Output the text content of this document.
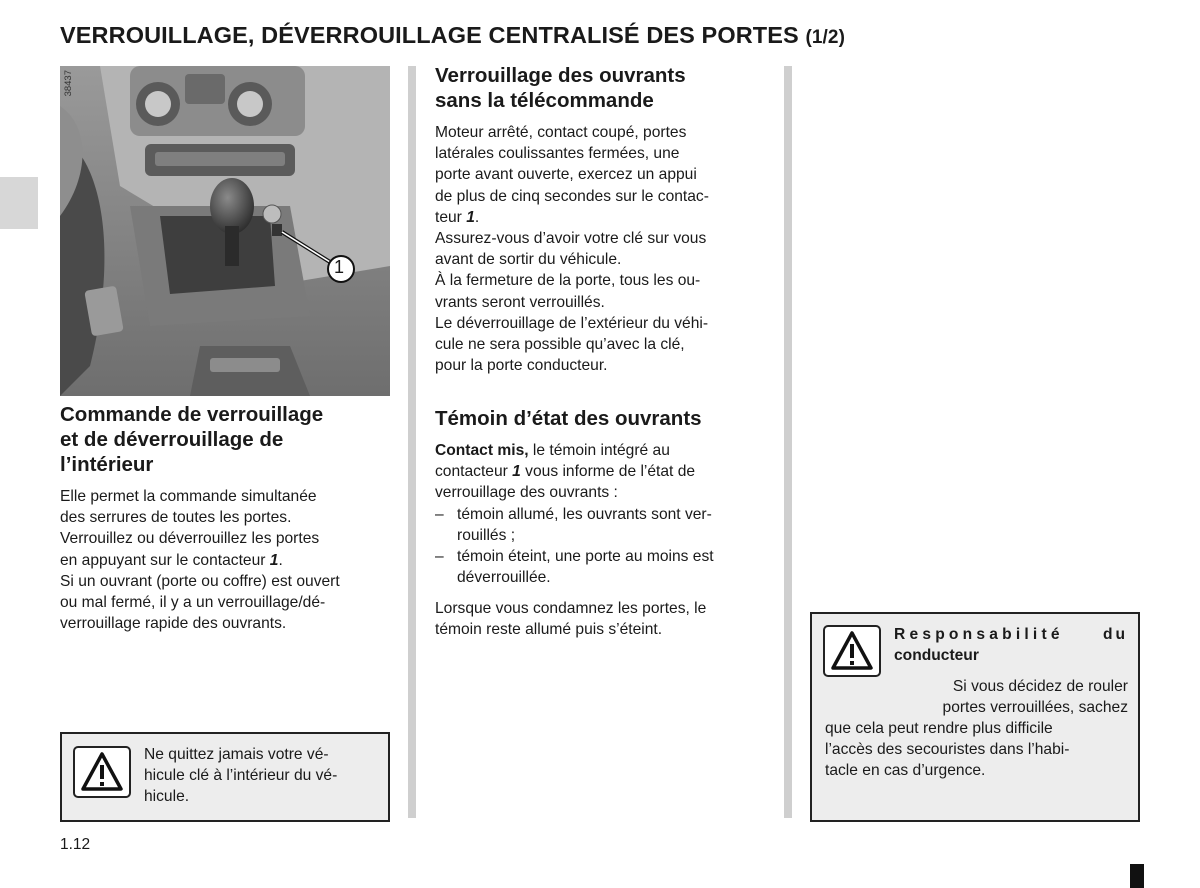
VERROUILLAGE, DÉVERROUILLAGE CENTRALISÉ DES PORTES (1/2)
1
38437
Commande de verrouillage
et de déverrouillage de
l’intérieur

Elle permet la commande simultanée

des serrures de toutes les portes.

Verrouillez ou déverrouillez les portes

en appuyant sur le contacteur 1.

Si un ouvrant (porte ou coffre) est ouvert

ou mal fermé, il y a un verrouillage/dé-

verrouillage rapide des ouvrants.

Ne quittez jamais votre vé-

hicule clé à l’intérieur du vé-

hicule.

Verrouillage des ouvrants
sans la télécommande

Moteur arrêté, contact coupé, portes

latérales coulissantes fermées, une

porte avant ouverte, exercez un appui

de plus de cinq secondes sur le contac-

teur 1.

Assurez-vous d’avoir votre clé sur vous

avant de sortir du véhicule.

À la fermeture de la porte, tous les ou-

vrants seront verrouillés.

Le déverrouillage de l’extérieur du véhi-

cule ne sera possible qu’avec la clé,

pour la porte conducteur.

Témoin d’état des ouvrants

Contact mis, le témoin intégré au

contacteur 1 vous informe de l’état de

verrouillage des ouvrants :

– témoin allumé, les ouvrants sont ver-
rouillés ;
– témoin éteint, une porte au moins est
déverrouillée.

Lorsque vous condamnez les portes, le

témoin reste allumé puis s’éteint.	Responsabilité	du

conducteur

Si vous décidez de rouler

portes verrouillées, sachez

que cela peut rendre plus difficile

l’accès des secouristes dans l’habi-

tacle en cas d’urgence.

1.12
